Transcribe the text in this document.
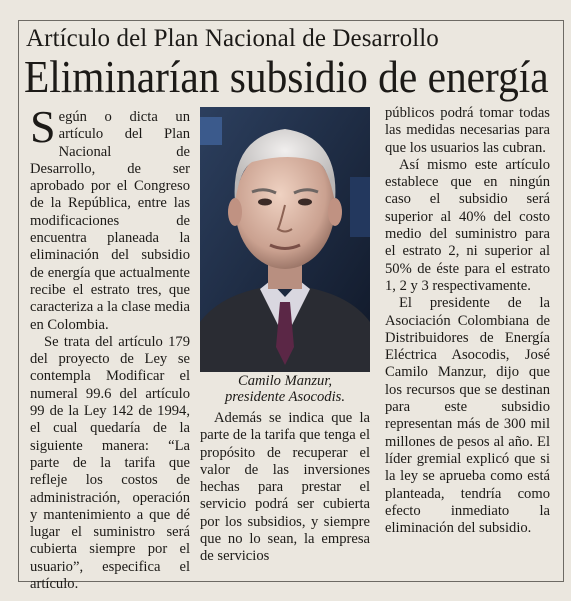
Artículo del Plan Nacional de Desarrollo
Eliminarían subsidio de energía

Según o dicta un artículo del Plan Nacional de Desarrollo, de ser aprobado por el Congreso de la República, entre las modificaciones de encuentra planeada la eliminación del subsidio de energía que actualmente recibe el estrato tres, que caracteriza a la clase media en Colombia.

Se trata del artículo 179 del proyecto de Ley se contempla Modificar el numeral 99.6 del artículo 99 de la Ley 142 de 1994, el cual quedaría de la siguiente manera: “La parte de la tarifa que refleje los costos de administración, operación y mantenimiento a que dé lugar el suministro será cubierta siempre por el usuario”, especifica el artículo.

Camilo Manzur,
presidente Asocodis.

Además se indica que la parte de la tarifa que tenga el propósito de recuperar el valor de las inversiones hechas para prestar el servicio podrá ser cubierta por los subsidios, y siempre que no lo sean, la empresa de servicios

públicos podrá tomar todas las medidas necesarias para que los usuarios las cubran.

Así mismo este artículo establece que en ningún caso el subsidio será superior al 40% del costo medio del suministro para el estrato 2, ni superior al 50% de éste para el estrato 1, 2 y 3 respectivamente.

El presidente de la Asociación Colombiana de Distribuidores de Energía Eléctrica Asocodis, José Camilo Manzur, dijo que los recursos que se destinan para este subsidio representan más de 300 mil millones de pesos al año. El líder gremial explicó que si la ley se aprueba como está planteada, tendría como efecto inmediato la eliminación del subsidio.
